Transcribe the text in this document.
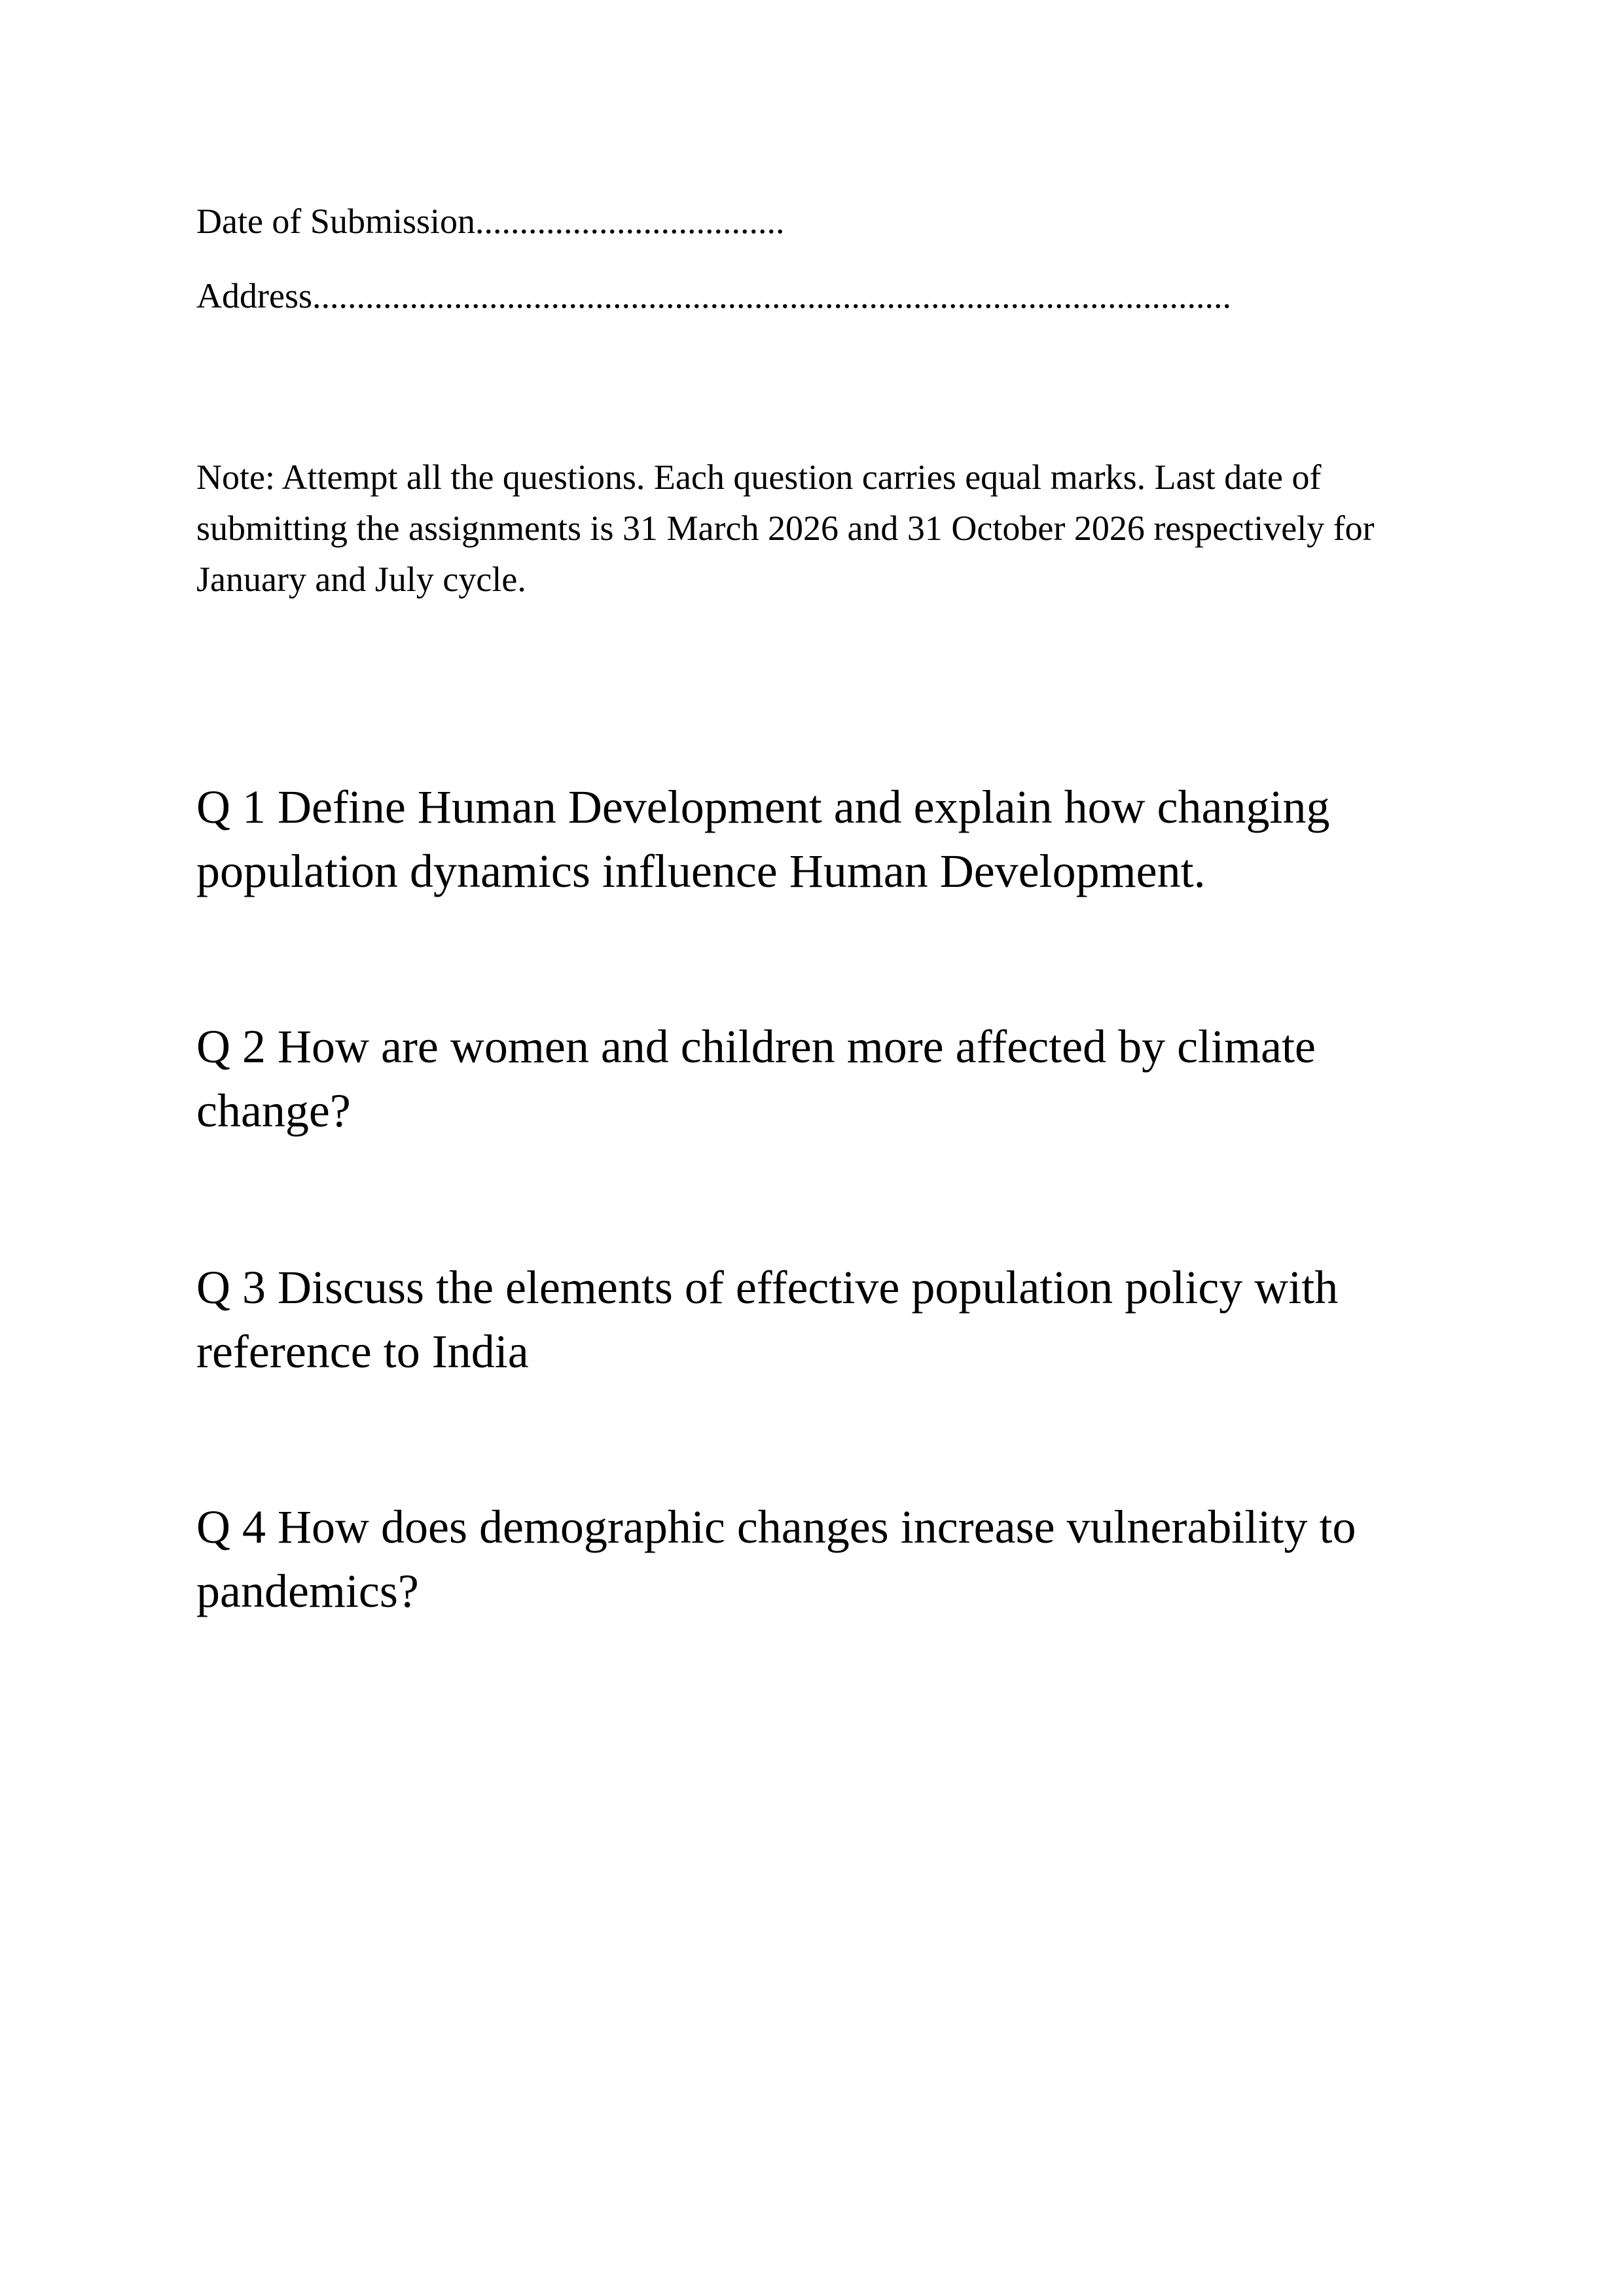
Date of Submission...................................
Address........................................................................................................

Note: Attempt all the questions. Each question carries equal marks. Last date of submitting the assignments is 31 March 2026 and 31 October 2026 respectively for January and July cycle.

Q 1 Define Human Development and explain how changing population dynamics influence Human Development.

Q 2 How are women and children more affected by climate change?

Q 3 Discuss the elements of effective population policy with reference to India

Q 4 How does demographic changes increase vulnerability to pandemics?
